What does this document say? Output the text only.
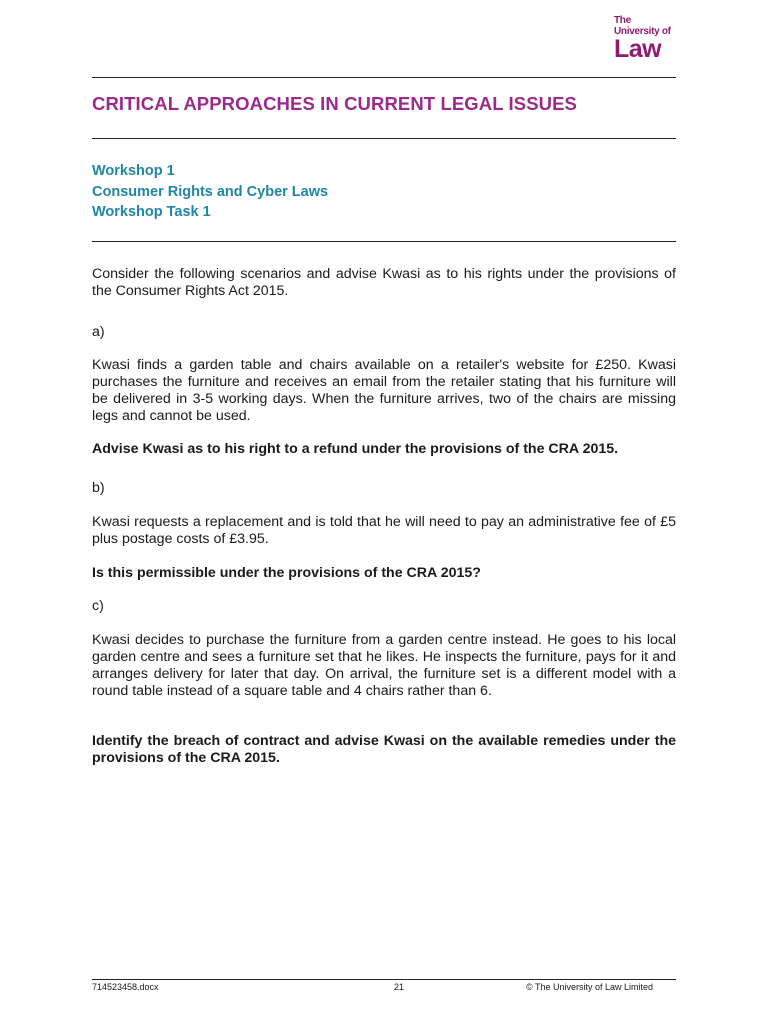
The
University of
Law
CRITICAL APPROACHES IN CURRENT LEGAL ISSUES
Workshop 1
Consumer Rights and Cyber Laws
Workshop Task 1
Consider the following scenarios and advise Kwasi as to his rights under the provisions of the Consumer Rights Act 2015.
a)
Kwasi finds a garden table and chairs available on a retailer's website for £250. Kwasi purchases the furniture and receives an email from the retailer stating that his furniture will be delivered in 3-5 working days. When the furniture arrives, two of the chairs are missing legs and cannot be used.
Advise Kwasi as to his right to a refund under the provisions of the CRA 2015.
b)
Kwasi requests a replacement and is told that he will need to pay an administrative fee of £5 plus postage costs of £3.95.
Is this permissible under the provisions of the CRA 2015?
c)
Kwasi decides to purchase the furniture from a garden centre instead. He goes to his local garden centre and sees a furniture set that he likes. He inspects the furniture, pays for it and arranges delivery for later that day. On arrival, the furniture set is a different model with a round table instead of a square table and 4 chairs rather than 6.
Identify the breach of contract and advise Kwasi on the available remedies under the provisions of the CRA 2015.
714523458.docx	21	© The University of Law Limited
